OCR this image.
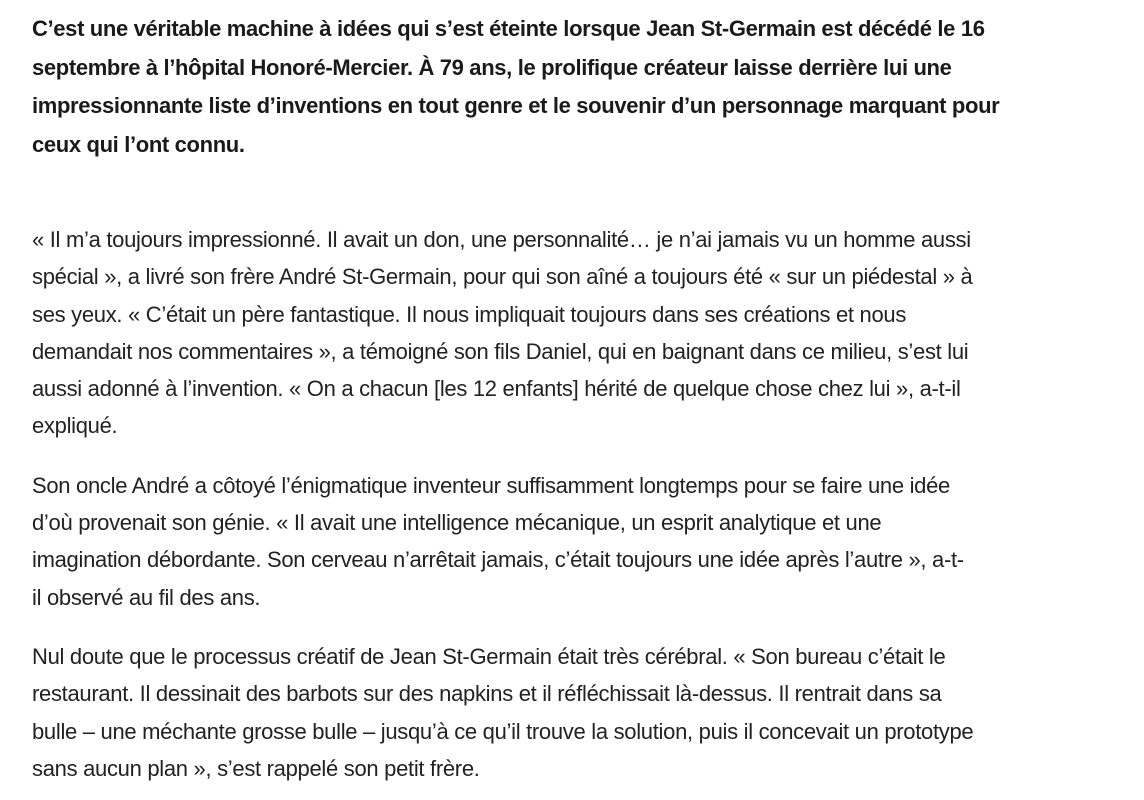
C’est une véritable machine à idées qui s’est éteinte lorsque Jean St-Germain est décédé le 16
septembre à l’hôpital Honoré-Mercier. À 79 ans, le prolifique créateur laisse derrière lui une
impressionnante liste d’inventions en tout genre et le souvenir d’un personnage marquant pour
ceux qui l’ont connu.

« Il m’a toujours impressionné. Il avait un don, une personnalité… je n’ai jamais vu un homme aussi
spécial », a livré son frère André St-Germain, pour qui son aîné a toujours été « sur un piédestal » à
ses yeux. « C’était un père fantastique. Il nous impliquait toujours dans ses créations et nous
demandait nos commentaires », a témoigné son fils Daniel, qui en baignant dans ce milieu, s’est lui
aussi adonné à l’invention. « On a chacun [les 12 enfants] hérité de quelque chose chez lui », a-t-il
expliqué.

Son oncle André a côtoyé l’énigmatique inventeur suffisamment longtemps pour se faire une idée
d’où provenait son génie. « Il avait une intelligence mécanique, un esprit analytique et une
imagination débordante. Son cerveau n’arrêtait jamais, c’était toujours une idée après l’autre », a-t-
il observé au fil des ans.

Nul doute que le processus créatif de Jean St-Germain était très cérébral. « Son bureau c’était le
restaurant. Il dessinait des barbots sur des napkins et il réfléchissait là-dessus. Il rentrait dans sa
bulle – une méchante grosse bulle – jusqu’à ce qu’il trouve la solution, puis il concevait un prototype
sans aucun plan », s’est rappelé son petit frère.
